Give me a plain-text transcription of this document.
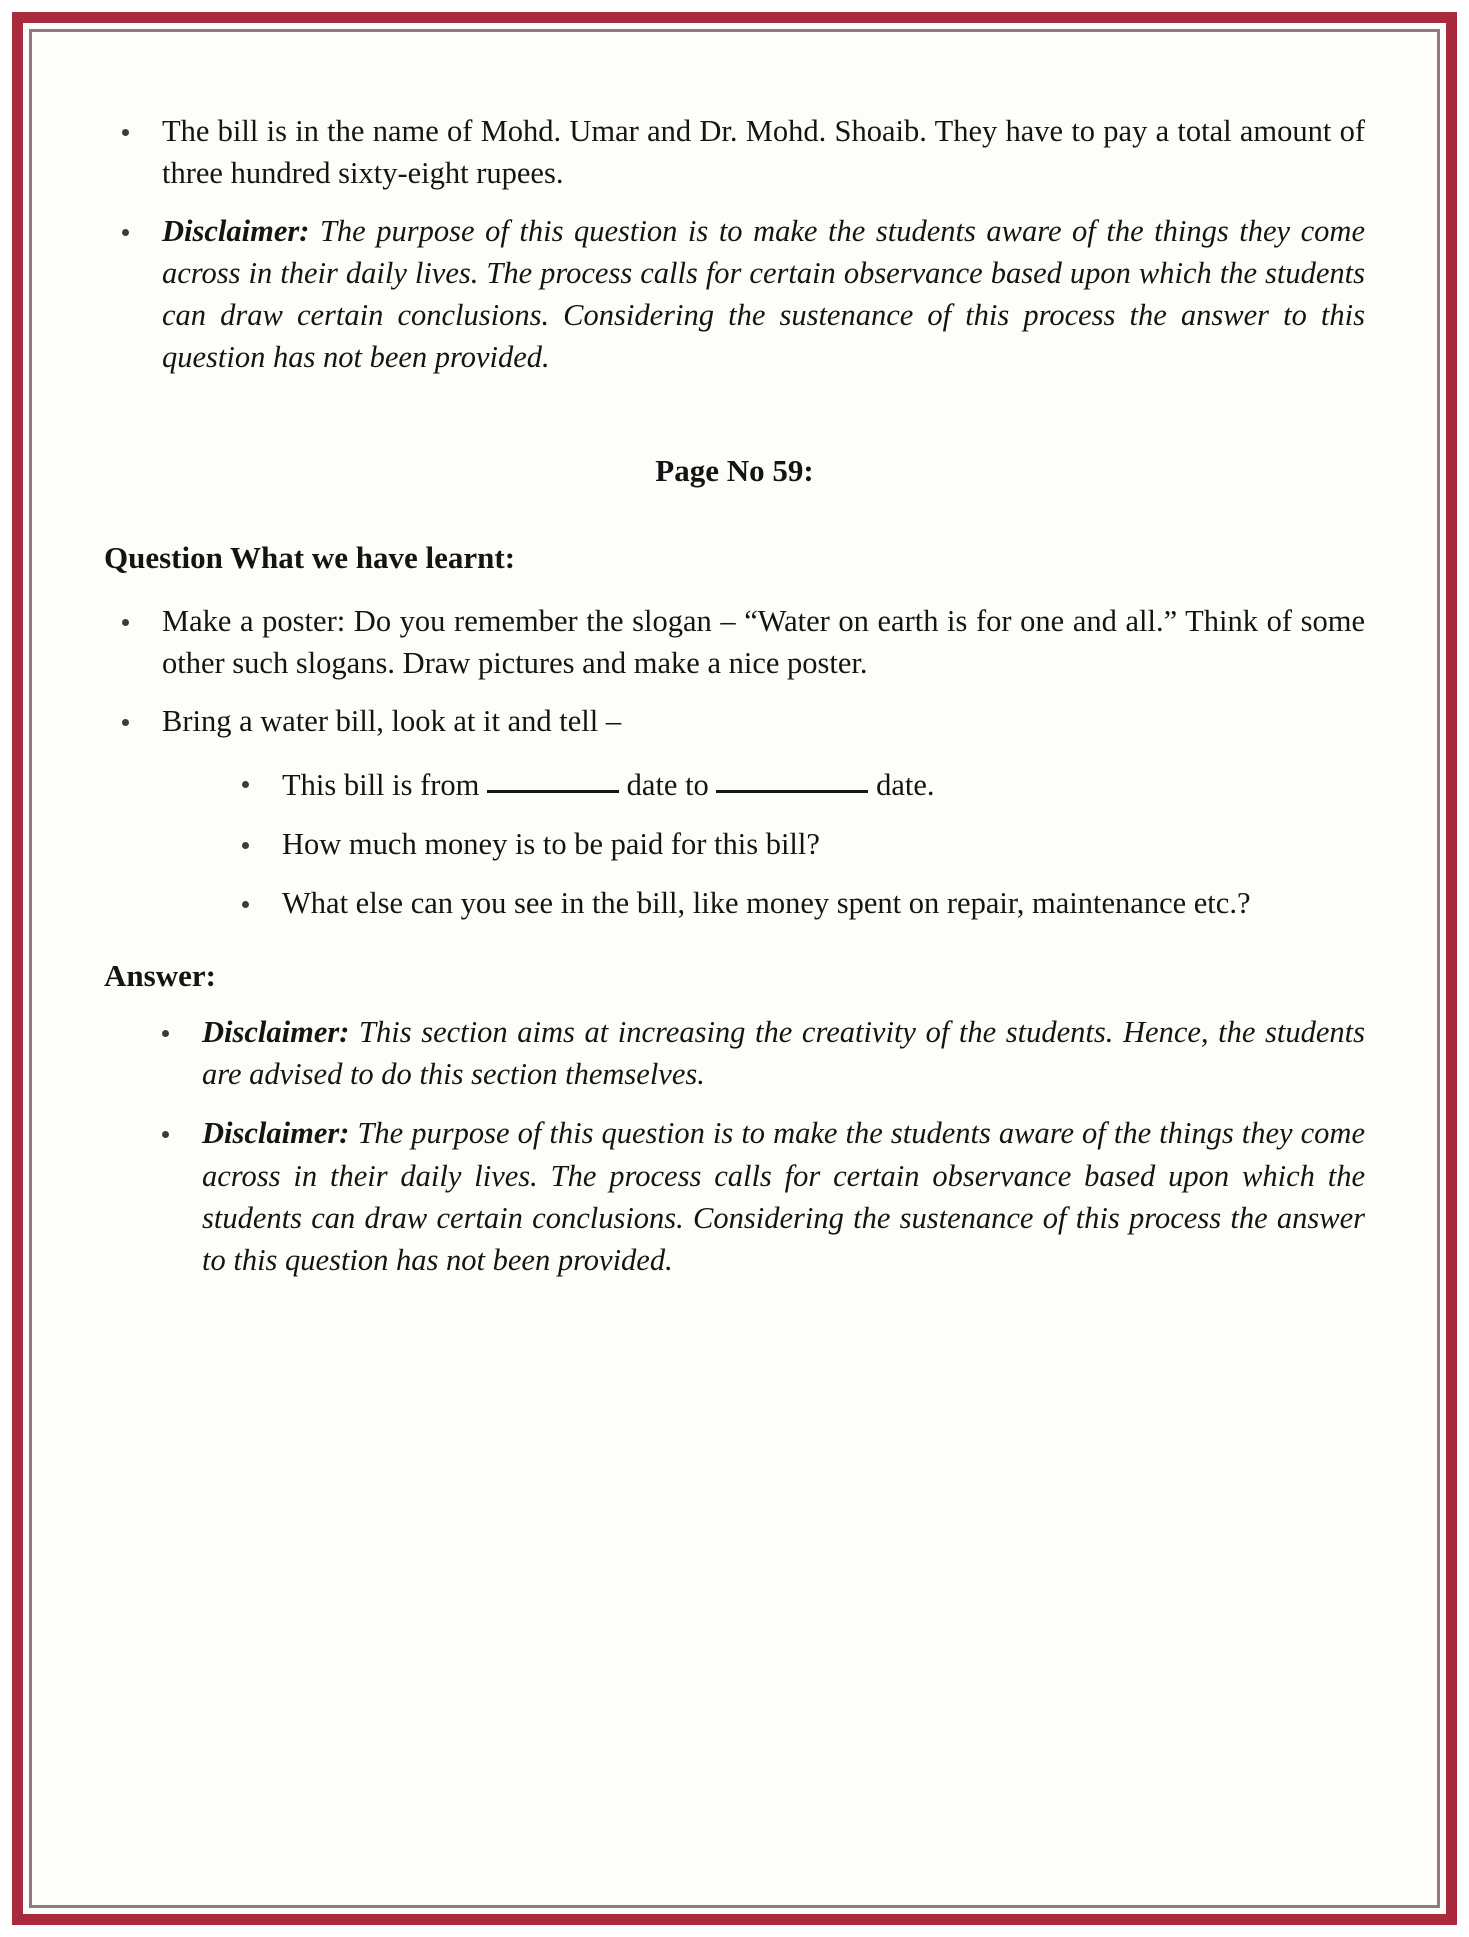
The bill is in the name of Mohd. Umar and Dr. Mohd. Shoaib. They have to pay a total amount of three hundred sixty-eight rupees.
Disclaimer: The purpose of this question is to make the students aware of the things they come across in their daily lives. The process calls for certain observance based upon which the students can draw certain conclusions. Considering the sustenance of this process the answer to this question has not been provided.
Page No 59:
Question What we have learnt:
Make a poster: Do you remember the slogan – “Water on earth is for one and all.” Think of some other such slogans. Draw pictures and make a nice poster.
Bring a water bill, look at it and tell –
This bill is from	date to	date.
How much money is to be paid for this bill?
What else can you see in the bill, like money spent on repair, maintenance etc.?
Answer:
Disclaimer: This section aims at increasing the creativity of the students. Hence, the students are advised to do this section themselves.
Disclaimer: The purpose of this question is to make the students aware of the things they come across in their daily lives. The process calls for certain observance based upon which the students can draw certain conclusions. Considering the sustenance of this process the answer to this question has not been provided.
